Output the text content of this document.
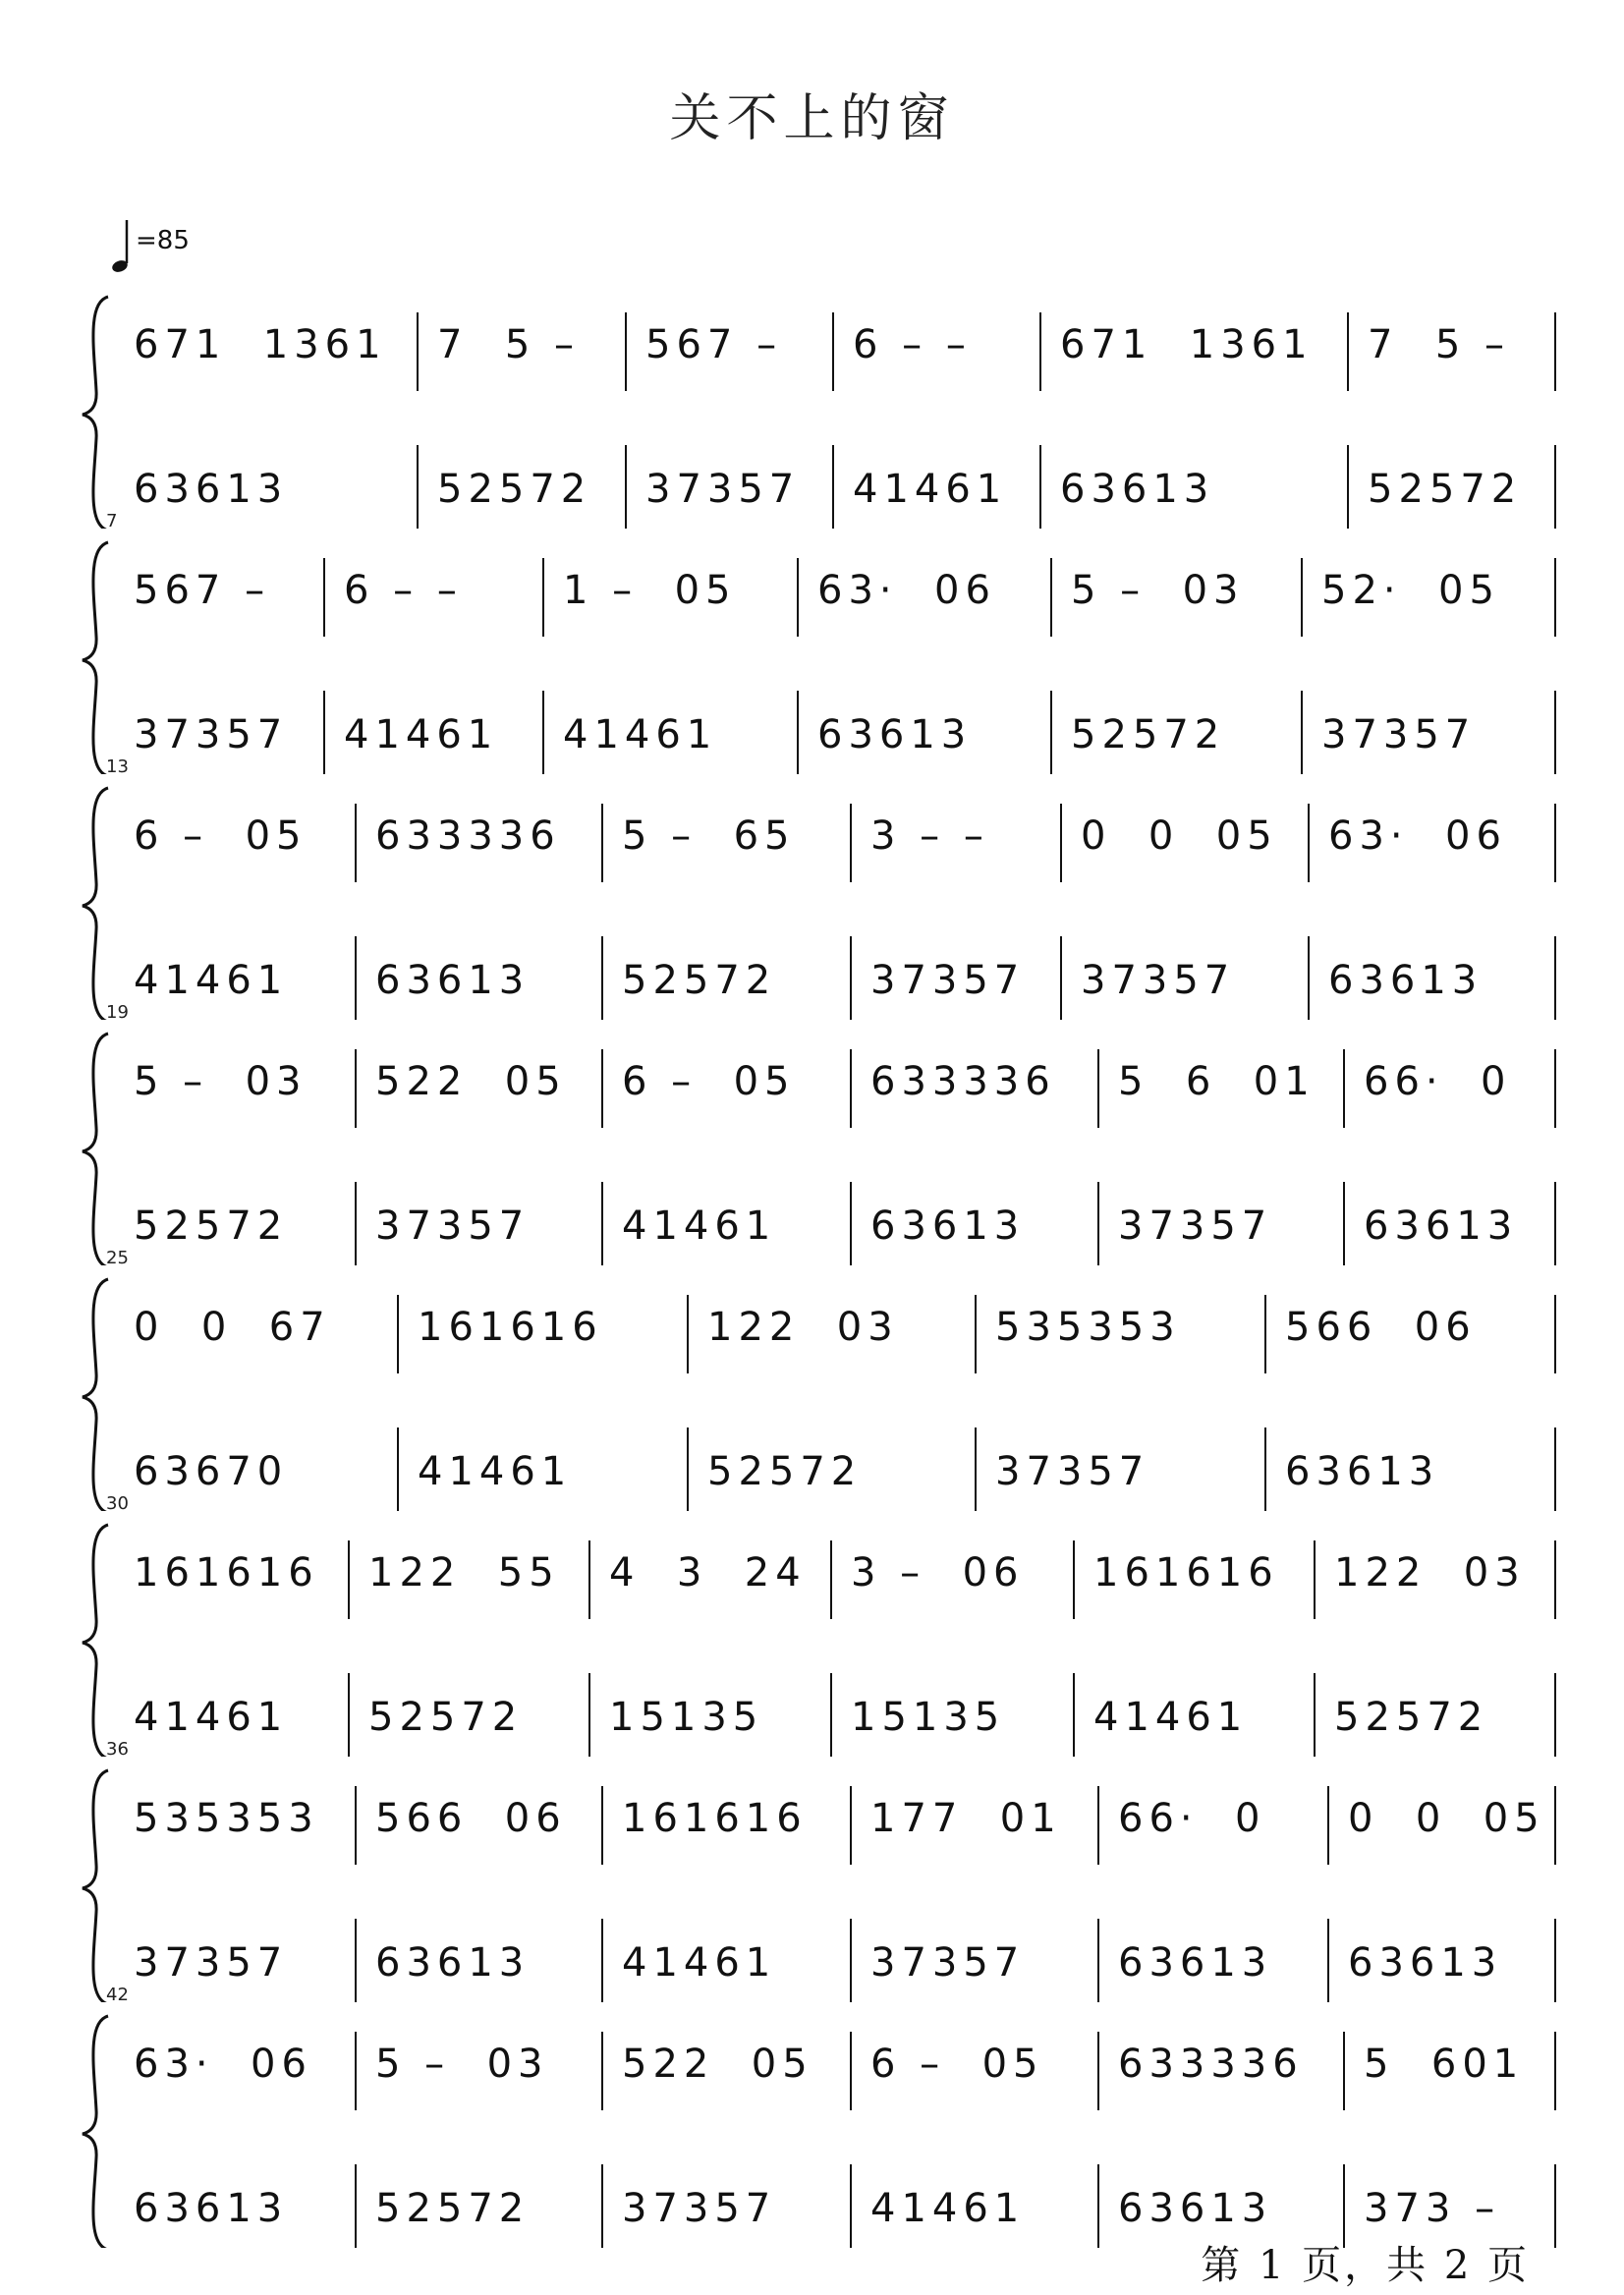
关不上的窗
=85
671  1361	7  5 –	567 –	6 – –	671  1361	7  5 –
63613	52572	37357	41461	63613	52572
7
567 –	6 – –	1 –  05	63·  06	5 –  03	52·  05
37357	41461	41461	63613	52572	37357
13
6 –  05	633336	5 –  65	3 – –	0  0  05	63·  06
41461	63613	52572	37357	37357	63613
19
5 –  03	522  05	6 –  05	633336	5  6  01	66·  0
52572	37357	41461	63613	37357	63613
25
0  0  67	161616	122  03	535353	566  06
63670	41461	52572	37357	63613
30
161616	122  55	4  3  24	3 –  06	161616	122  03
41461	52572	15135	15135	41461	52572
36
535353	566  06	161616	177  01	66·  0	0  0  05
37357	63613	41461	37357	63613	63613
42
63·  06	5 –  03	522  05	6 –  05	633336	5  601
63613	52572	37357	41461	63613	373 –
第 1 页，共 2 页
